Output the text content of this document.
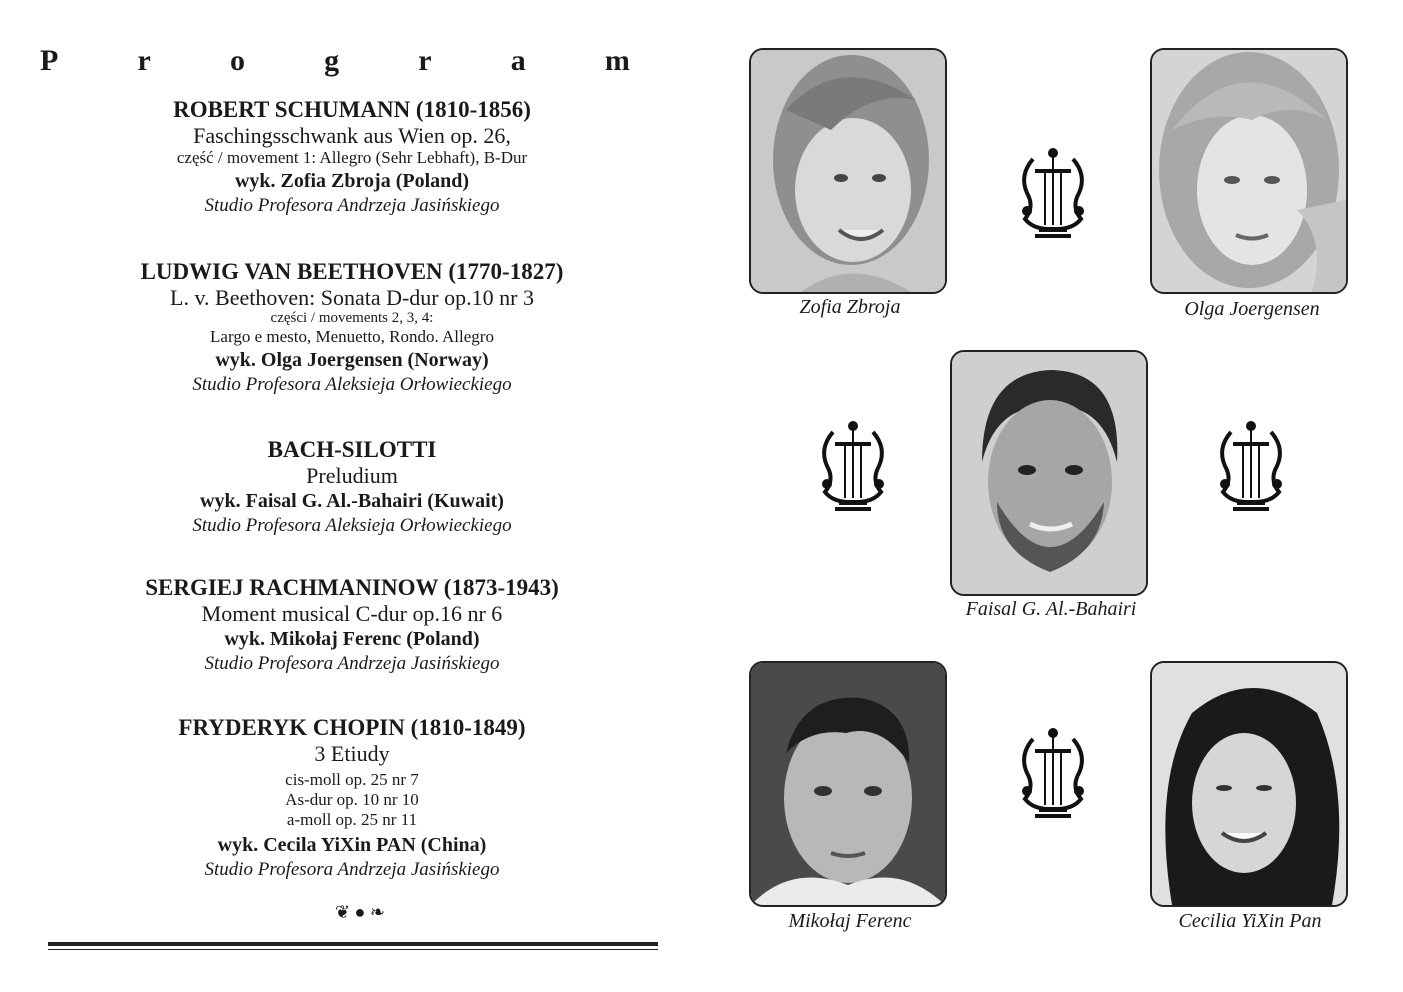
P	r	o	g	r	a	m
ROBERT SCHUMANN (1810-1856)
Faschingsschwank aus Wien op. 26,
część / movement 1: Allegro (Sehr Lebhaft), B-Dur
wyk. Zofia Zbroja (Poland)
Studio Profesora Andrzeja Jasińskiego
LUDWIG VAN BEETHOVEN (1770-1827)
L. v. Beethoven: Sonata D-dur op.10 nr 3
części / movements 2, 3, 4:
Largo e mesto, Menuetto, Rondo. Allegro
wyk. Olga Joergensen (Norway)
Studio Profesora Aleksieja Orłowieckiego
BACH-SILOTTI
Preludium
wyk. Faisal G. Al.-Bahairi (Kuwait)
Studio Profesora Aleksieja Orłowieckiego
SERGIEJ RACHMANINOW (1873-1943)
Moment musical C-dur op.16 nr 6
wyk. Mikołaj Ferenc (Poland)
Studio Profesora Andrzeja Jasińskiego
FRYDERYK CHOPIN (1810-1849)
3 Etiudy
cis-moll op. 25 nr 7
As-dur op. 10 nr 10
a-moll op. 25 nr 11
wyk. Cecila YiXin PAN (China)
Studio Profesora Andrzeja Jasińskiego
❦ ● ❧
Zofia Zbroja	Olga Joergensen
Faisal G. Al.-Bahairi
Mikołaj Ferenc	Cecilia YiXin Pan
